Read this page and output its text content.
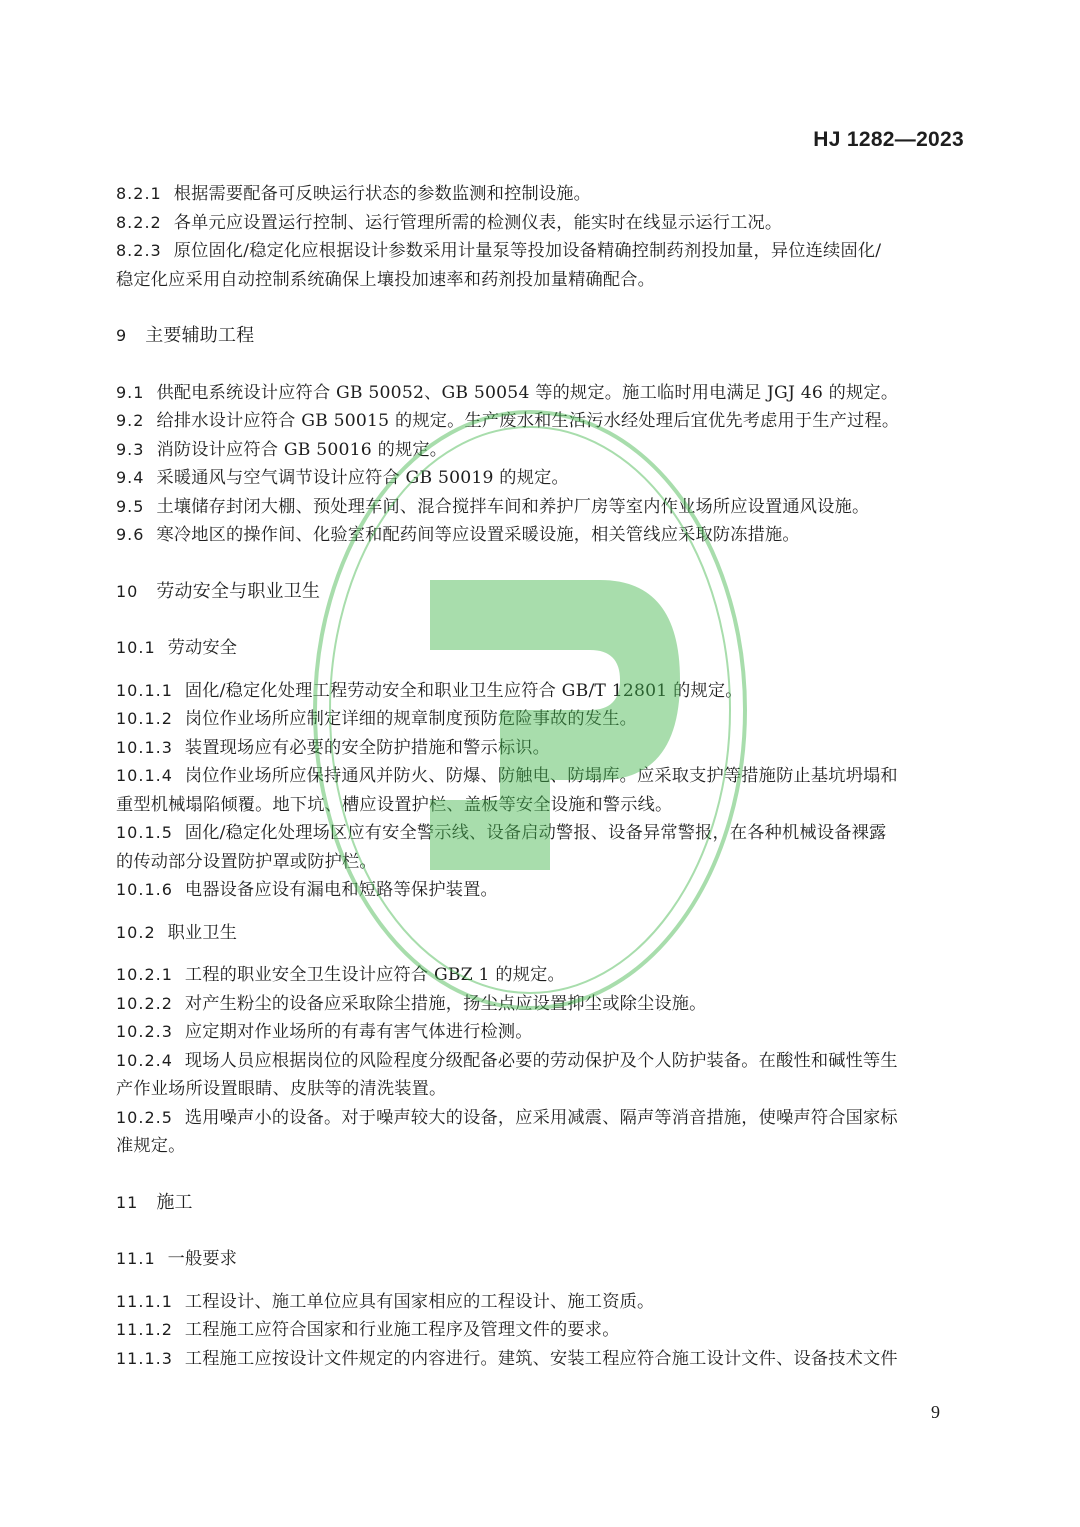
HJ 1282—2023
8.2.1 根据需要配备可反映运行状态的参数监测和控制设施。
8.2.2 各单元应设置运行控制、运行管理所需的检测仪表，能实时在线显示运行工况。
8.2.3 原位固化/稳定化应根据设计参数采用计量泵等投加设备精确控制药剂投加量，异位连续固化/
稳定化应采用自动控制系统确保上壤投加速率和药剂投加量精确配合。
9 主要辅助工程
9.1 供配电系统设计应符合 GB 50052、GB 50054 等的规定。施工临时用电满足 JGJ 46 的规定。
9.2 给排水设计应符合 GB 50015 的规定。生产废水和生活污水经处理后宜优先考虑用于生产过程。
9.3 消防设计应符合 GB 50016 的规定。
9.4 采暖通风与空气调节设计应符合 GB 50019 的规定。
9.5 土壤储存封闭大棚、预处理车间、混合搅拌车间和养护厂房等室内作业场所应设置通风设施。
9.6 寒冷地区的操作间、化验室和配药间等应设置采暖设施，相关管线应采取防冻措施。
10 劳动安全与职业卫生
10.1 劳动安全
10.1.1 固化/稳定化处理工程劳动安全和职业卫生应符合 GB/T 12801 的规定。
10.1.2 岗位作业场所应制定详细的规章制度预防危险事故的发生。
10.1.3 装置现场应有必要的安全防护措施和警示标识。
10.1.4 岗位作业场所应保持通风并防火、防爆、防触电、防塌库。应采取支护等措施防止基坑坍塌和
重型机械塌陷倾覆。地下坑、槽应设置护栏、盖板等安全设施和警示线。
10.1.5 固化/稳定化处理场区应有安全警示线、设备启动警报、设备异常警报，在各种机械设备裸露
的传动部分设置防护罩或防护栏。
10.1.6 电器设备应设有漏电和短路等保护装置。
10.2 职业卫生
10.2.1 工程的职业安全卫生设计应符合 GBZ 1 的规定。
10.2.2 对产生粉尘的设备应采取除尘措施，扬尘点应设置抑尘或除尘设施。
10.2.3 应定期对作业场所的有毒有害气体进行检测。
10.2.4 现场人员应根据岗位的风险程度分级配备必要的劳动保护及个人防护装备。在酸性和碱性等生
产作业场所设置眼睛、皮肤等的清洗装置。
10.2.5 选用噪声小的设备。对于噪声较大的设备，应采用减震、隔声等消音措施，使噪声符合国家标
准规定。
11 施工
11.1 一般要求
11.1.1 工程设计、施工单位应具有国家相应的工程设计、施工资质。
11.1.2 工程施工应符合国家和行业施工程序及管理文件的要求。
11.1.3 工程施工应按设计文件规定的内容进行。建筑、安装工程应符合施工设计文件、设备技术文件
9
